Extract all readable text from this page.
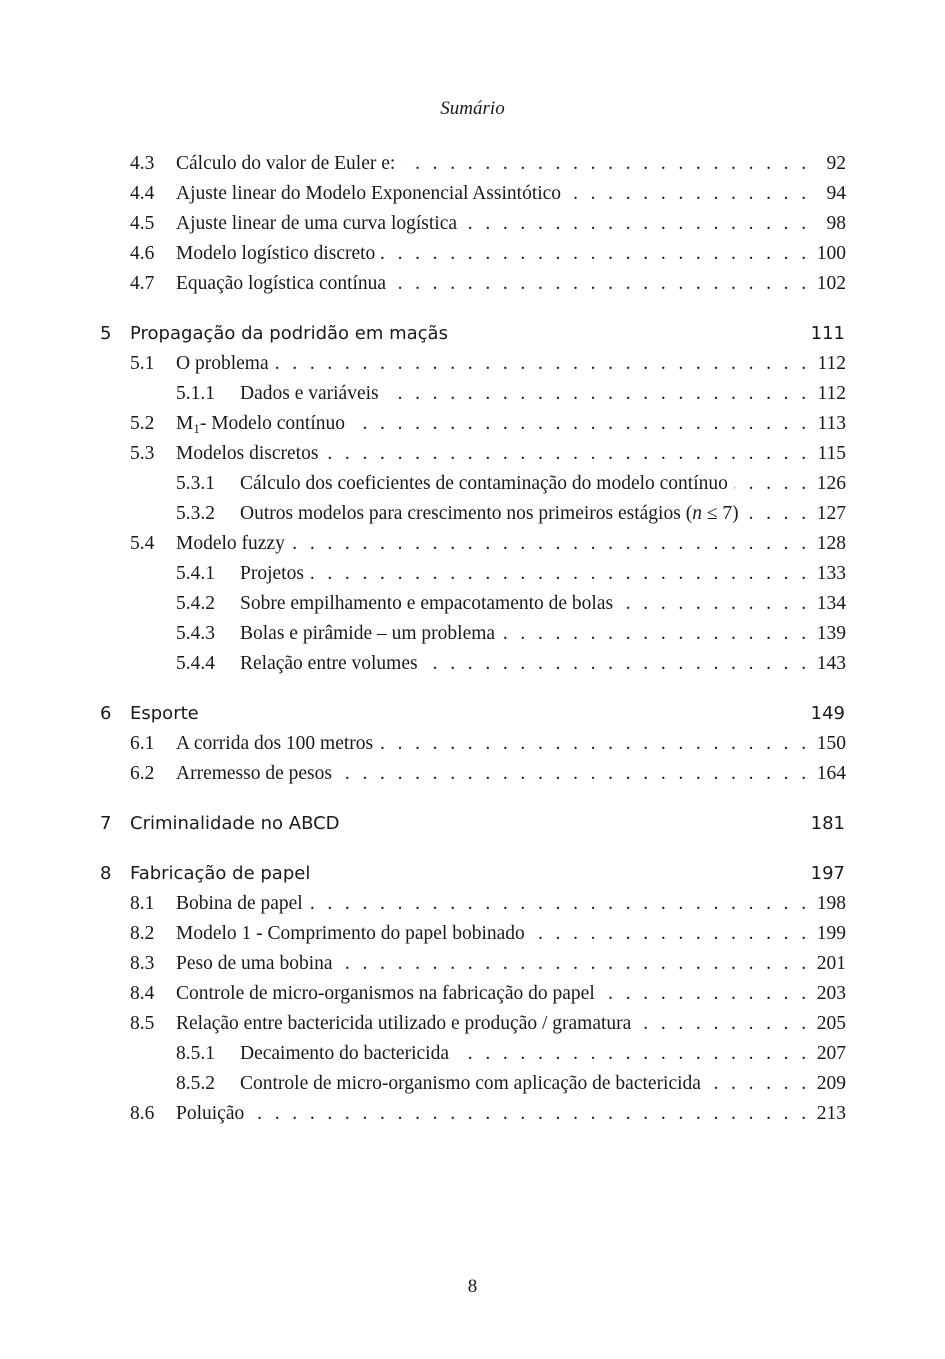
Sumário
4.3	Cálculo do valor de Euler e: . . .	92
4.4	Ajuste linear do Modelo Exponencial Assintótico . . .	94
4.5	Ajuste linear de uma curva logística . . .	98
4.6	Modelo logístico discreto . . .	100
4.7	Equação logística contínua . . .	102
5	Propagação da podridão em maçãs	111
5.1	O problema . . .	112
5.1.1	Dados e variáveis . . .	112
5.2	$M_1-$ Modelo contínuo . . .	113
5.3	Modelos discretos . . .	115
5.3.1	Cálculo dos coeficientes de contaminação do modelo contínuo . . .	126
5.3.2	Outros modelos para crescimento nos primeiros estágios (n ≤ 7) . . .	127
5.4	Modelo fuzzy . . .	128
5.4.1	Projetos . . .	133
5.4.2	Sobre empilhamento e empacotamento de bolas . . .	134
5.4.3	Bolas e pirâmide – um problema . . .	139
5.4.4	Relação entre volumes . . .	143
6	Esporte	149
6.1	A corrida dos 100 metros . . .	150
6.2	Arremesso de pesos . . .	164
7	Criminalidade no ABCD	181
8	Fabricação de papel	197
8.1	Bobina de papel . . .	198
8.2	Modelo 1 - Comprimento do papel bobinado . . .	199
8.3	Peso de uma bobina . . .	201
8.4	Controle de micro-organismos na fabricação do papel . . .	203
8.5	Relação entre bactericida utilizado e produção / gramatura . . .	205
8.5.1	Decaimento do bactericida . . .	207
8.5.2	Controle de micro-organismo com aplicação de bactericida . . .	209
8.6	Poluição . . .	213
8
